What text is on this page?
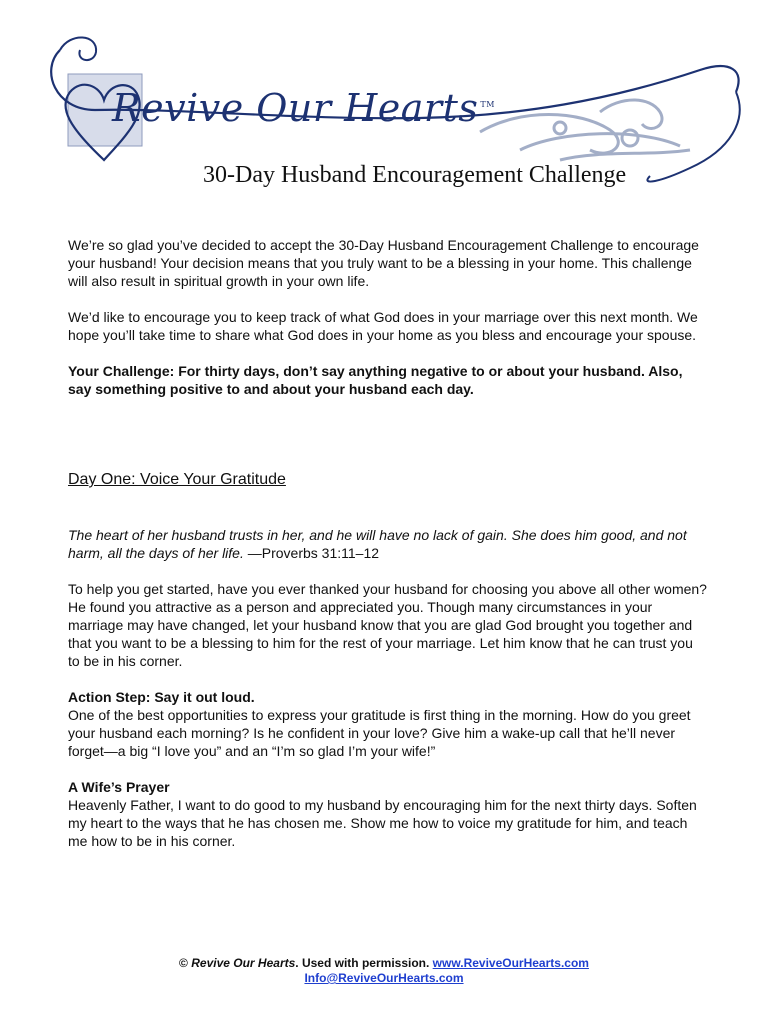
Revive Our Hearts ™
30-Day Husband Encouragement Challenge

We’re so glad you’ve decided to accept the 30-Day Husband Encouragement Challenge to encourage your husband! Your decision means that you truly want to be a blessing in your home. This challenge will also result in spiritual growth in your own life.

We’d like to encourage you to keep track of what God does in your marriage over this next month. We hope you’ll take time to share what God does in your home as you bless and encourage your spouse.

Your Challenge: For thirty days, don’t say anything negative to or about your husband. Also, say something positive to and about your husband each day.

Day One: Voice Your Gratitude

The heart of her husband trusts in her, and he will have no lack of gain. She does him good, and not harm, all the days of her life. —Proverbs 31:11–12

To help you get started, have you ever thanked your husband for choosing you above all other women? He found you attractive as a person and appreciated you. Though many circumstances in your marriage may have changed, let your husband know that you are glad God brought you together and that you want to be a blessing to him for the rest of your marriage. Let him know that he can trust you to be in his corner.

Action Step: Say it out loud.

One of the best opportunities to express your gratitude is first thing in the morning. How do you greet your husband each morning? Is he confident in your love? Give him a wake-up call that he’ll never forget—a big “I love you” and an “I’m so glad I’m your wife!”

A Wife’s Prayer

Heavenly Father, I want to do good to my husband by encouraging him for the next thirty days. Soften my heart to the ways that he has chosen me. Show me how to voice my gratitude for him, and teach me how to be in his corner.

© Revive Our Hearts. Used with permission. www.ReviveOurHearts.com
Info@ReviveOurHearts.com
